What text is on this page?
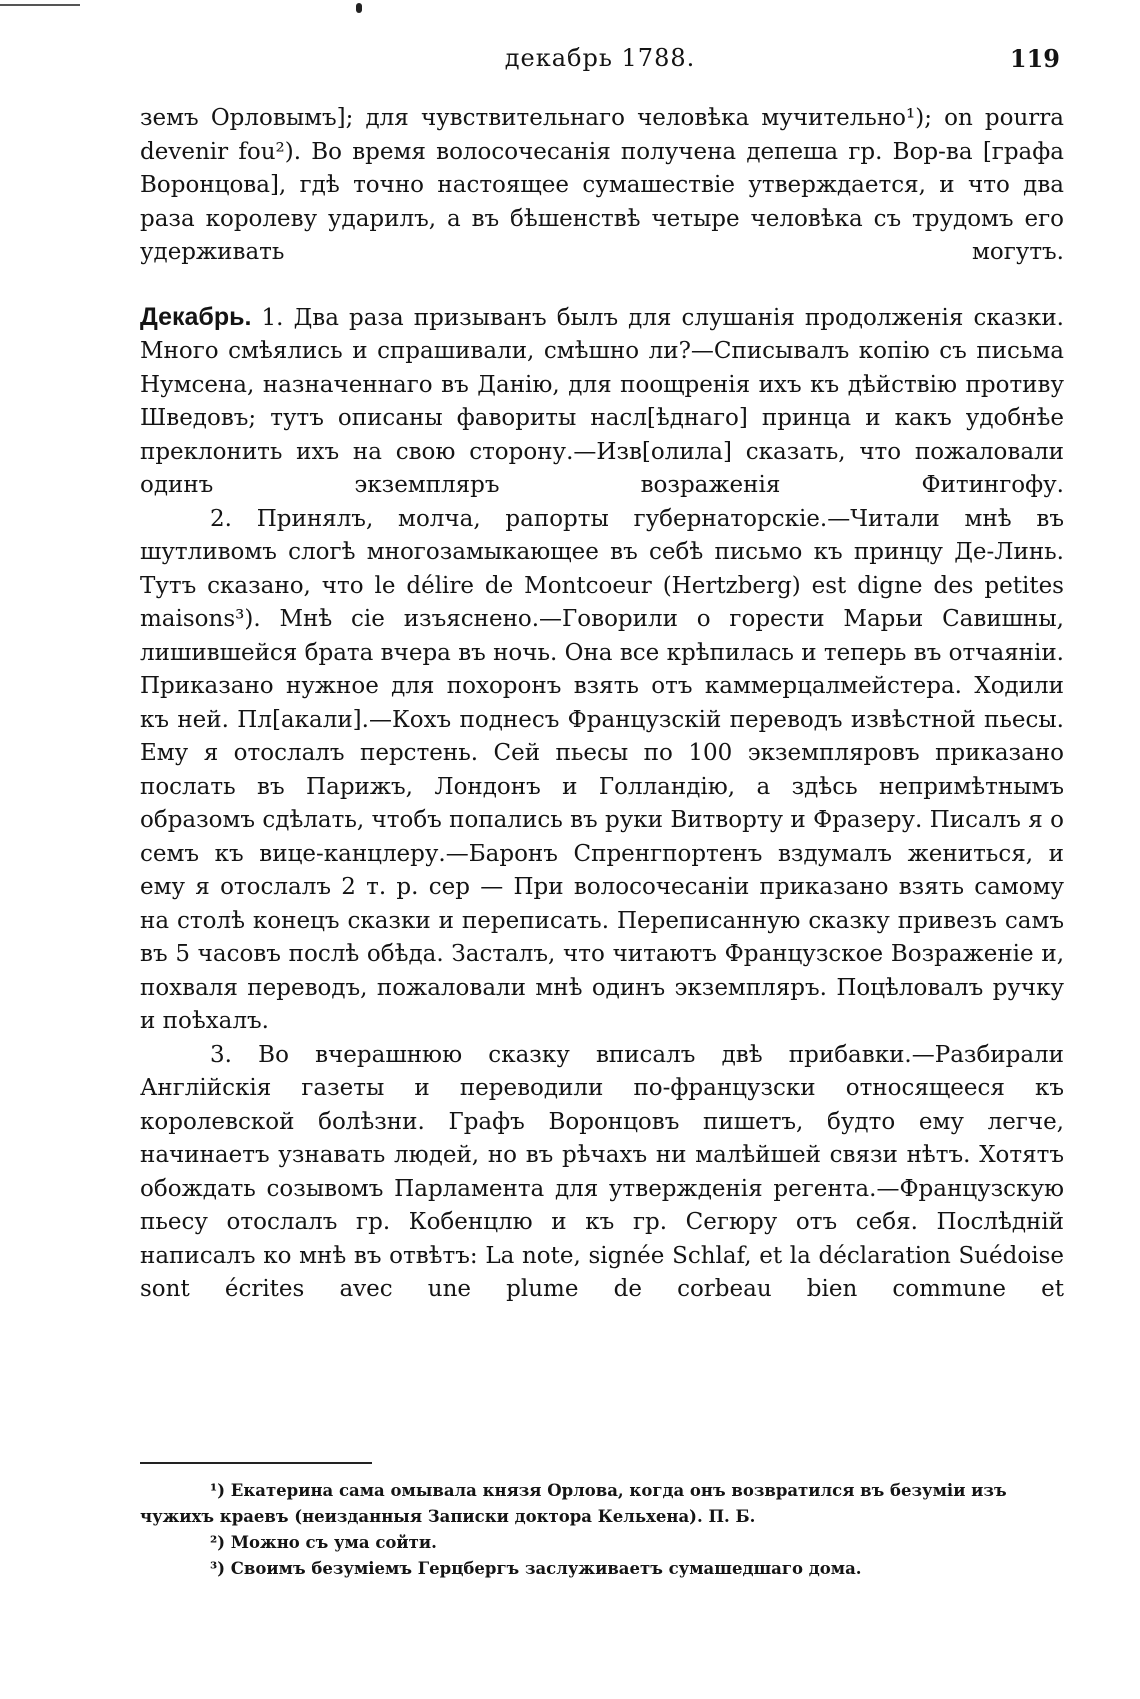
декабрь 1788.	119

земъ Орловымъ]; для чувствительнаго человѣка мучительно¹); on pourra devenir fou²). Во время волосочесанія получена депеша гр. Вор-ва [графа Воронцова], гдѣ точно настоящее сумашествіе утверждается, и что два раза королеву ударилъ, а въ бѣшенствѣ четыре человѣка съ трудомъ его удерживать могутъ.

Декабрь. 1. Два раза призыванъ былъ для слушанія продолженія сказки. Много смѣялись и спрашивали, смѣшно ли?—Списывалъ копію съ письма Нумсена, назначеннаго въ Данію, для поощренія ихъ къ дѣйствію противу Шведовъ; тутъ описаны фавориты насл[ѣднаго] принца и какъ удобнѣе преклонить ихъ на свою сторону.—Изв[олила] сказать, что пожаловали одинъ экземпляръ возраженія Фитингофу.

2. Принялъ, молча, рапорты губернаторскіе.—Читали мнѣ въ шутливомъ слогѣ многозамыкающее въ себѣ письмо къ принцу Де-Линь. Тутъ сказано, что le délire de Montcoeur (Hertzberg) est digne des petites maisons³). Мнѣ сіе изъяснено.—Говорили о горести Марьи Савишны, лишившейся брата вчера въ ночь. Она все крѣпилась и теперь въ отчаяніи. Приказано нужное для похоронъ взять отъ каммерцалмейстера. Ходили къ ней. Пл[акали].—Кохъ поднесъ Французскій переводъ извѣстной пьесы. Ему я отослалъ перстень. Сей пьесы по 100 экземпляровъ приказано послать въ Парижъ, Лондонъ и Голландію, а здѣсь непримѣтнымъ образомъ сдѣлать, чтобъ попались въ руки Витворту и Фразеру. Писалъ я о семъ къ вице-канцлеру.—Баронъ Спренгпортенъ вздумалъ жениться, и ему я отослалъ 2 т. р. сер — При волосочесаніи приказано взять самому на столѣ конецъ сказки и переписать. Переписанную сказку привезъ самъ въ 5 часовъ послѣ обѣда. Засталъ, что читаютъ Французское Возраженіе и, похваля переводъ, пожаловали мнѣ одинъ экземпляръ. Поцѣловалъ ручку и поѣхалъ.

3. Во вчерашнюю сказку вписалъ двѣ прибавки.—Разбирали Англійскія газеты и переводили по-французски относящееся къ королевской болѣзни. Графъ Воронцовъ пишетъ, будто ему легче, начинаетъ узнавать людей, но въ рѣчахъ ни малѣйшей связи нѣтъ. Хотятъ обождать созывомъ Парламента для утвержденія регента.—Французскую пьесу отослалъ гр. Кобенцлю и къ гр. Сегюру отъ себя. Послѣдній написалъ ко мнѣ въ отвѣтъ: La note, signée Schlaf, et la déclaration Suédoise sont écrites avec une plume de corbeau bien commune et

¹) Екатерина сама омывала князя Орлова, когда онъ возвратился въ безуміи изъ чужихъ краевъ (неизданныя Записки доктора Кельхена). П. Б.

²) Можно съ ума сойти.

³) Своимъ безуміемъ Герцбергъ заслуживаетъ сумашедшаго дома.
